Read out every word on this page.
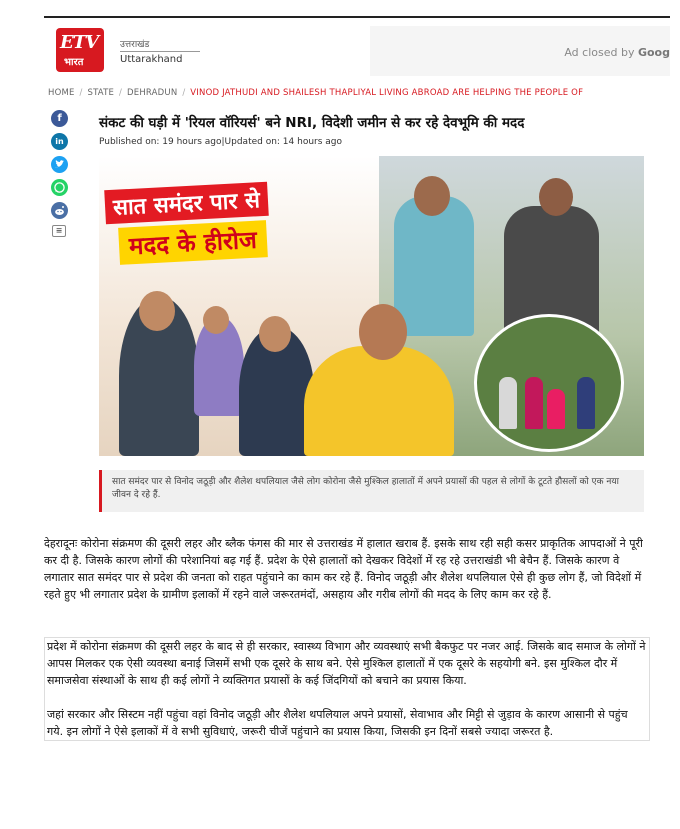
ETV
भारत
उत्तराखंड
Uttarakhand
Ad closed by Goog
HOME / STATE / DEHRADUN / VINOD JATHUDI AND SHAILESH THAPLIYAL LIVING ABROAD ARE HELPING THE PEOPLE OF
f
in
≡
संकट की घड़ी में 'रियल वॉरियर्स' बने NRI, विदेशी जमीन से कर रहे देवभूमि की मदद
Published on: 19 hours ago|Updated on: 14 hours ago
सात समंदर पार से
मदद के हीरोज
सात समंदर पार से विनोद जठूड़ी और शैलेश थपलियाल जैसे लोग कोरोना जैसे मुश्किल हालातों में अपने प्रयासों की पहल से लोगों के टूटते हौसलों को एक नया जीवन दे रहे हैं.

देहरादूनः कोरोना संक्रमण की दूसरी लहर और ब्लैक फंगस की मार से उत्तराखंड में हालात खराब हैं. इसके साथ रही सही कसर प्राकृतिक आपदाओं ने पूरी कर दी है. जिसके कारण लोगों की परेशानियां बढ़ गई हैं. प्रदेश के ऐसे हालातों को देखकर विदेशों में रह रहे उत्तराखंडी भी बेचैन हैं. जिसके कारण वे लगातार सात समंदर पार से प्रदेश की जनता को राहत पहुंचाने का काम कर रहे हैं. विनोद जठूड़ी और शैलेश थपलियाल ऐसे ही कुछ लोग हैं, जो विदेशों में रहते हुए भी लगातार प्रदेश के ग्रामीण इलाकों में रहने वाले जरूरतमंदों, असहाय और गरीब लोगों की मदद के लिए काम कर रहे हैं.

प्रदेश में कोरोना संक्रमण की दूसरी लहर के बाद से ही सरकार, स्वास्थ्य विभाग और व्यवस्थाएं सभी बैकफुट पर नजर आई. जिसके बाद समाज के लोगों ने आपस मिलकर एक ऐसी व्यवस्था बनाई जिसमें सभी एक दूसरे के साथ बने. ऐसे मुश्किल हालातों में एक दूसरे के सहयोगी बने. इस मुश्किल दौर में समाजसेवा संस्थाओं के साथ ही कई लोगों ने व्यक्तिगत प्रयासों के कई जिंदगियों को बचाने का प्रयास किया.

जहां सरकार और सिस्टम नहीं पहुंचा वहां विनोद जठूड़ी और शैलेश थपलियाल अपने प्रयासों, सेवाभाव और मिट्टी से जुड़ाव के कारण आसानी से पहुंच गये. इन लोगों ने ऐसे इलाकों में वे सभी सुविधाएं, जरूरी चीजें पहुंचाने का प्रयास किया, जिसकी इन दिनों सबसे ज्यादा जरूरत है.
